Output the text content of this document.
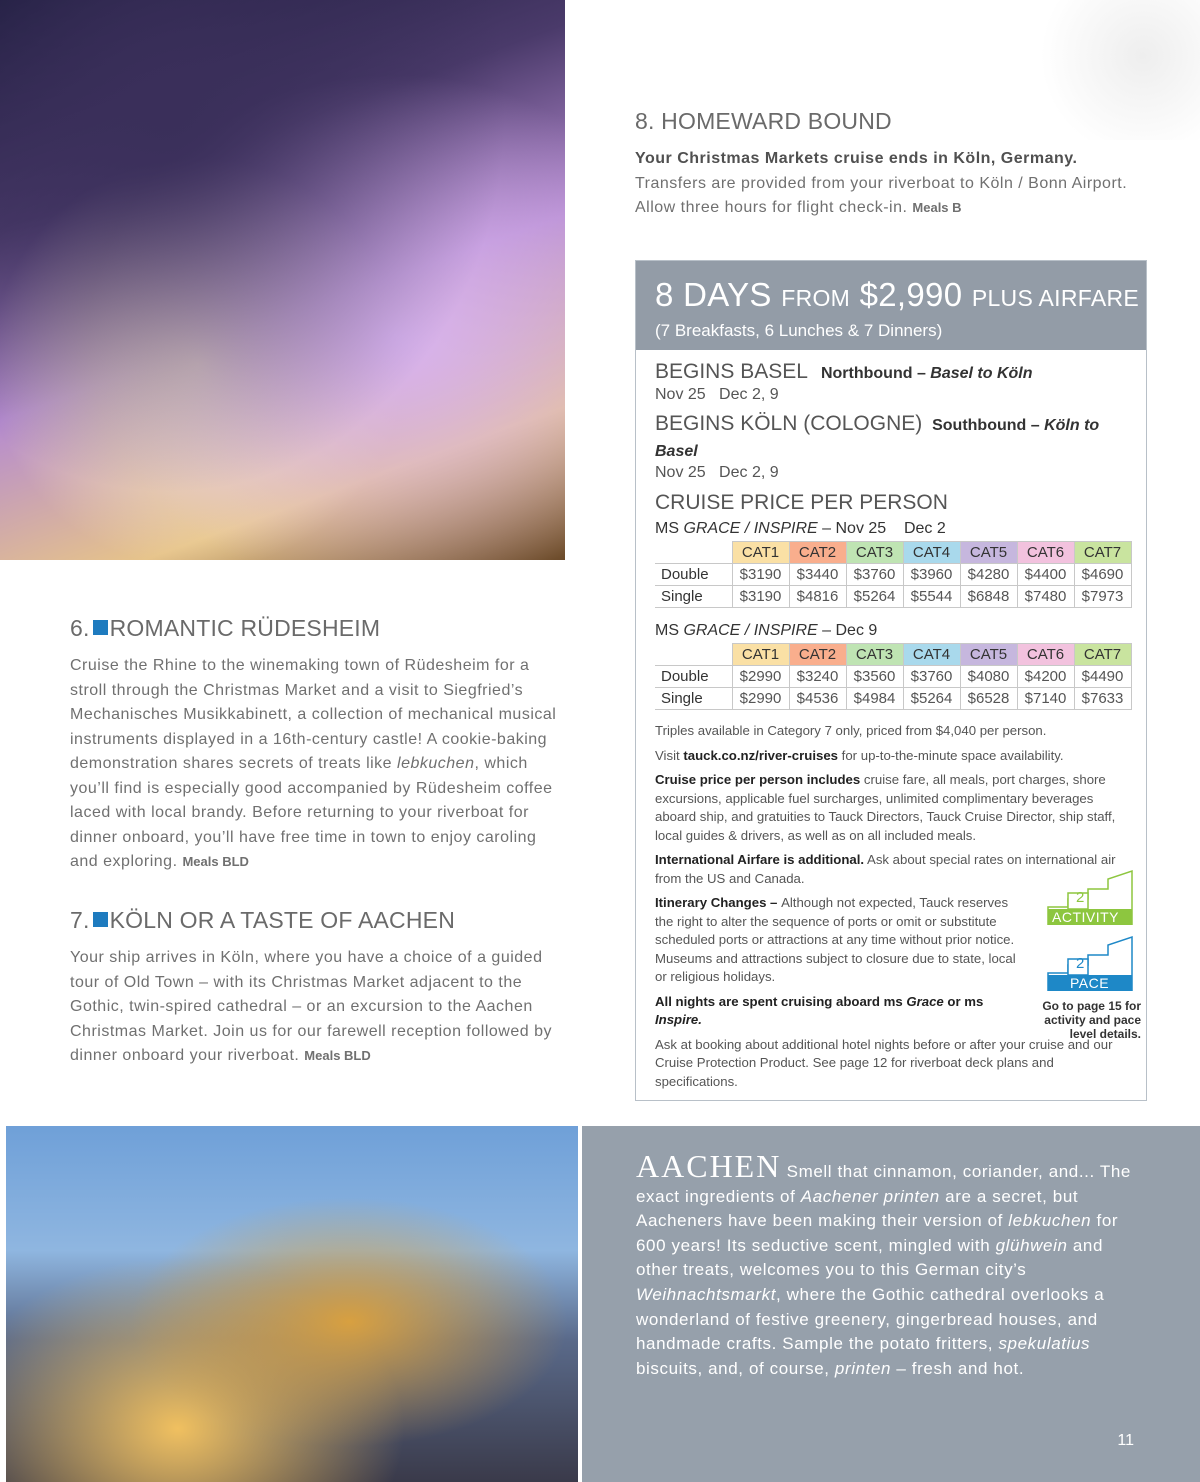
8. HOMEWARD BOUND
Your Christmas Markets cruise ends in Köln, Germany.
Transfers are provided from your riverboat to Köln / Bonn Airport. Allow three hours for flight check-in. Meals B
8 DAYS FROM $2,990 PLUS AIRFARE
(7 Breakfasts, 6 Lunches & 7 Dinners)
BEGINS BASEL Northbound – Basel to Köln
Nov 25 Dec 2, 9
BEGINS KÖLN (COLOGNE) Southbound – Köln to Basel
Nov 25 Dec 2, 9
CRUISE PRICE PER PERSON
MS GRACE / INSPIRE – Nov 25 Dec 2
	CAT1	CAT2	CAT3	CAT4	CAT5	CAT6	CAT7
Double	$3190	$3440	$3760	$3960	$4280	$4400	$4690
Single	$3190	$4816	$5264	$5544	$6848	$7480	$7973
MS GRACE / INSPIRE – Dec 9
	CAT1	CAT2	CAT3	CAT4	CAT5	CAT6	CAT7
Double	$2990	$3240	$3560	$3760	$4080	$4200	$4490
Single	$2990	$4536	$4984	$5264	$6528	$7140	$7633
Triples available in Category 7 only, priced from $4,040 per person.
Visit tauck.co.nz/river-cruises for up-to-the-minute space availability.
Cruise price per person includes cruise fare, all meals, port charges, shore excursions, applicable fuel surcharges, unlimited complimentary beverages aboard ship, and gratuities to Tauck Directors, Tauck Cruise Director, ship staff, local guides & drivers, as well as on all included meals.
International Airfare is additional. Ask about special rates on international air from the US and Canada.
Itinerary Changes – Although not expected, Tauck reserves the right to alter the sequence of ports or omit or substitute scheduled ports or attractions at any time without prior notice. Museums and attractions subject to closure due to state, local or religious holidays.
All nights are spent cruising aboard ms Grace or ms Inspire.
Ask at booking about additional hotel nights before or after your cruise and our Cruise Protection Product. See page 12 for riverboat deck plans and specifications.
2
ACTIVITY
2
PACE
Go to page 15 for activity and pace level details.
6. ROMANTIC RÜDESHEIM
Cruise the Rhine to the winemaking town of Rüdesheim for a stroll through the Christmas Market and a visit to Siegfried’s Mechanisches Musikkabinett, a collection of mechanical musical instruments displayed in a 16th-century castle! A cookie-baking demonstration shares secrets of treats like lebkuchen, which you’ll find is especially good accompanied by Rüdesheim coffee laced with local brandy. Before returning to your riverboat for dinner onboard, you’ll have free time in town to enjoy caroling and exploring. Meals BLD
7. KÖLN OR A TASTE OF AACHEN
Your ship arrives in Köln, where you have a choice of a guided tour of Old Town – with its Christmas Market adjacent to the Gothic, twin-spired cathedral – or an excursion to the Aachen Christmas Market. Join us for our farewell reception followed by dinner onboard your riverboat. Meals BLD
AACHEN Smell that cinnamon, coriander, and... The exact ingredients of Aachener printen are a secret, but Aacheners have been making their version of lebkuchen for 600 years! Its seductive scent, mingled with glühwein and other treats, welcomes you to this German city’s Weihnachtsmarkt, where the Gothic cathedral overlooks a wonderland of festive greenery, gingerbread houses, and handmade crafts. Sample the potato fritters, spekulatius biscuits, and, of course, printen – fresh and hot.
11
